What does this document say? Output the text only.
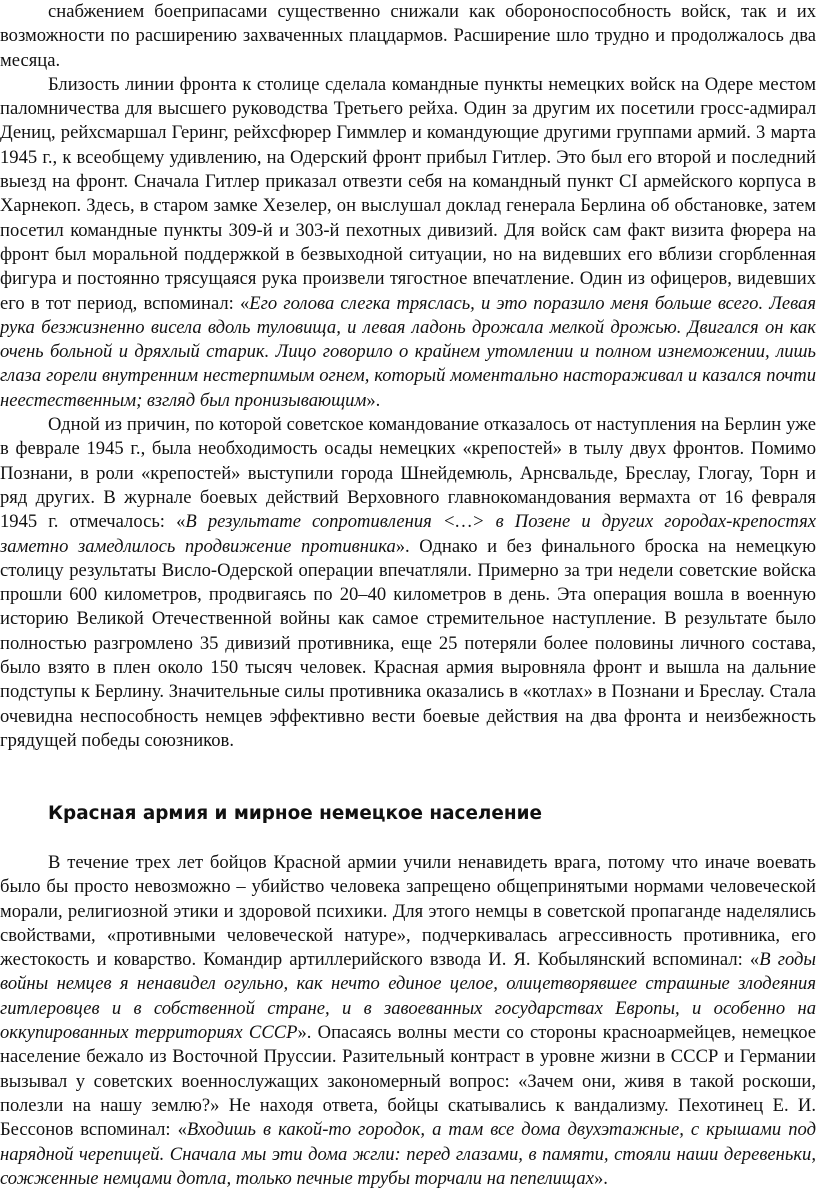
снабжением боеприпасами существенно снижали как обороноспособность войск, так и их возможности по расширению захваченных плацдармов. Расширение шло трудно и продолжалось два месяца.

Близость линии фронта к столице сделала командные пункты немецких войск на Одере местом паломничества для высшего руководства Третьего рейха. Один за другим их посетили гросс-адмирал Дениц, рейхсмаршал Геринг, рейхсфюрер Гиммлер и командующие другими группами армий. 3 марта 1945 г., к всеобщему удивлению, на Одерский фронт прибыл Гитлер. Это был его второй и последний выезд на фронт. Сначала Гитлер приказал отвезти себя на командный пункт CI армейского корпуса в Харнекоп. Здесь, в старом замке Хезелер, он выслушал доклад генерала Берлина об обстановке, затем посетил командные пункты 309-й и 303-й пехотных дивизий. Для войск сам факт визита фюрера на фронт был моральной поддержкой в безвыходной ситуации, но на видевших его вблизи сгорбленная фигура и постоянно трясущаяся рука произвели тягостное впечатление. Один из офицеров, видевших его в тот период, вспоминал: «Его голова слегка тряслась, и это поразило меня больше всего. Левая рука безжизненно висела вдоль туловища, и левая ладонь дрожала мелкой дрожью. Двигался он как очень больной и дряхлый старик. Лицо говорило о крайнем утомлении и полном изнеможении, лишь глаза горели внутренним нестерпимым огнем, который моментально настораживал и казался почти неестественным; взгляд был пронизывающим».

Одной из причин, по которой советское командование отказалось от наступления на Берлин уже в феврале 1945 г., была необходимость осады немецких «крепостей» в тылу двух фронтов. Помимо Познани, в роли «крепостей» выступили города Шнейдемюль, Арнсвальде, Бреслау, Глогау, Торн и ряд других. В журнале боевых действий Верховного главнокомандования вермахта от 16 февраля 1945 г. отмечалось: «В результате сопротивления <…> в Позене и других городах-крепостях заметно замедлилось продвижение противника». Однако и без финального броска на немецкую столицу результаты Висло-Одерской операции впечатляли. Примерно за три недели советские войска прошли 600 километров, продвигаясь по 20–40 километров в день. Эта операция вошла в военную историю Великой Отечественной войны как самое стремительное наступление. В результате было полностью разгромлено 35 дивизий противника, еще 25 потеряли более половины личного состава, было взято в плен около 150 тысяч человек. Красная армия выровняла фронт и вышла на дальние подступы к Берлину. Значительные силы противника оказались в «котлах» в Познани и Бреслау. Стала очевидна неспособность немцев эффективно вести боевые действия на два фронта и неизбежность грядущей победы союзников.

Красная армия и мирное немецкое население

В течение трех лет бойцов Красной армии учили ненавидеть врага, потому что иначе воевать было бы просто невозможно – убийство человека запрещено общепринятыми нормами человеческой морали, религиозной этики и здоровой психики. Для этого немцы в советской пропаганде наделялись свойствами, «противными человеческой натуре», подчеркивалась агрессивность противника, его жестокость и коварство. Командир артиллерийского взвода И. Я. Кобылянский вспоминал: «В годы войны немцев я ненавидел огульно, как нечто единое целое, олицетворявшее страшные злодеяния гитлеровцев и в собственной стране, и в завоеванных государствах Европы, и особенно на оккупированных территориях СССР». Опасаясь волны мести со стороны красноармейцев, немецкое население бежало из Восточной Пруссии. Разительный контраст в уровне жизни в СССР и Германии вызывал у советских военнослужащих закономерный вопрос: «Зачем они, живя в такой роскоши, полезли на нашу землю?» Не находя ответа, бойцы скатывались к вандализму. Пехотинец Е. И. Бессонов вспоминал: «Входишь в какой-то городок, а там все дома двухэтажные, с крышами под нарядной черепицей. Сначала мы эти дома жгли: перед глазами, в памяти, стояли наши деревеньки, сожженные немцами дотла, только печные трубы торчали на пепелищах».
